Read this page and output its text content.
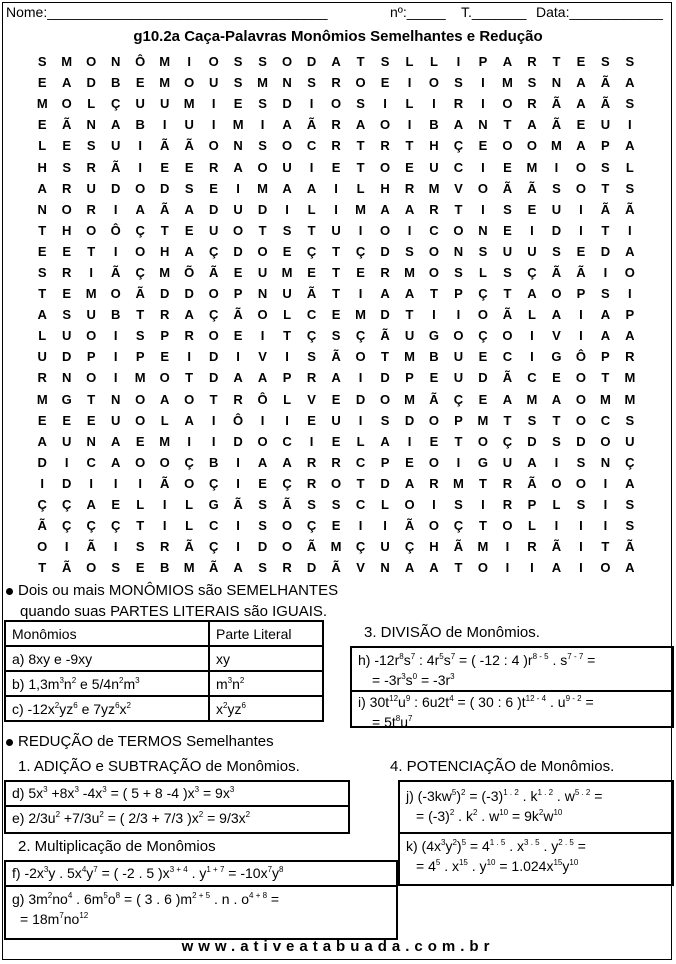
Nome:____________________________________	nº:_____ T._______ Data:____________
g10.2a Caça-Palavras Monômios Semelhantes e Redução
S	M	O	N	Ô	M	I	O	S	S	O	D	A	T	S	L	L	I	P	A	R	T	E	S	S
E	A	D	B	E	M	O	U	S	M	N	S	R	O	E	I	O	S	I	M	S	N	A	Ã	A
M	O	L	Ç	U	U	M	I	E	S	D	I	O	S	I	L	I	R	I	O	R	Ã	A	Ã	S
E	Ã	N	A	B	I	U	I	M	I	A	Ã	R	A	O	I	B	A	N	T	A	Ã	E	U	I
L	E	S	U	I	Ã	Ã	O	N	S	O	C	R	T	R	T	H	Ç	E	O	O	M	A	P	A
H	S	R	Ã	I	E	E	R	A	O	U	I	E	T	O	E	U	C	I	E	M	I	O	S	L
A	R	U	D	O	D	S	E	I	M	A	A	I	L	H	R	M	V	O	Ã	Ã	S	O	T	S
N	O	R	I	A	Ã	A	D	U	D	I	L	I	M	A	A	R	T	I	S	E	U	I	Ã	Ã
T	H	O	Ô	Ç	T	E	U	O	T	S	T	U	I	O	I	C	O	N	E	I	D	I	T	I
E	E	T	I	O	H	A	Ç	D	O	E	Ç	T	Ç	D	S	O	N	S	U	U	S	E	D	A
S	R	I	Ã	Ç	M	Õ	Ã	E	U	M	E	T	E	R	M	O	S	L	S	Ç	Ã	Ã	I	O
T	E	M	O	Ã	D	D	O	P	N	U	Ã	T	I	A	A	T	P	Ç	T	A	O	P	S	I
A	S	U	B	T	R	A	Ç	Ã	O	L	C	E	M	D	T	I	I	O	Ã	L	A	I	A	P
L	U	O	I	S	P	R	O	E	I	T	Ç	S	Ç	Ã	U	G	O	Ç	O	I	V	I	A	A
U	D	P	I	P	E	I	D	I	V	I	S	Ã	O	T	M	B	U	E	C	I	G	Ô	P	R
R	N	O	I	M	O	T	D	A	A	P	R	A	I	D	P	E	U	D	Ã	C	E	O	T	M
M	G	T	N	O	A	O	T	R	Ô	L	V	E	D	O	M	Ã	Ç	E	A	M	A	O	M	M
E	E	E	U	O	L	A	I	Ô	I	I	E	U	I	S	D	O	P	M	T	S	T	O	C	S
A	U	N	A	E	M	I	I	D	O	C	I	E	L	A	I	E	T	O	Ç	D	S	D	O	U
D	I	C	A	O	O	Ç	B	I	A	A	R	R	C	P	E	O	I	G	U	A	I	S	N	Ç
I	D	I	I	I	Ã	O	Ç	I	E	Ç	R	O	T	D	A	R	M	T	R	Ã	O	O	I	A
Ç	Ç	A	E	L	I	L	G	Ã	S	Ã	S	S	C	L	O	I	S	I	R	P	L	S	I	S
Ã	Ç	Ç	Ç	T	I	L	C	I	S	O	Ç	E	I	I	Ã	O	Ç	T	O	L	I	I	I	S
O	I	Ã	I	S	R	Ã	Ç	I	D	O	Ã	M	Ç	U	Ç	H	Ã	M	I	R	Ã	I	T	Ã
T	Ã	O	S	E	B	M	Ã	A	S	R	D	Ã	V	N	A	A	T	O	I	I	A	I	O	A
Dois ou mais MONÔMIOS são SEMELHANTES
quando suas PARTES LITERAIS são IGUAIS.
Monômios	Parte Literal
a) 8xy e -9xy	xy
b) $1,3m^3n^2$ e $5/4n^2m^3$	$m^3n^2$
c) $-12x^2yz^6$ e $7yz^6x^2$	$x^2yz^6$
REDUÇÃO de TERMOS Semelhantes
3. DIVISÃO de Monômios.
1. ADIÇÃO e SUBTRAÇÃO de Monômios.	4. POTENCIAÇÃO de Monômios.
2. Multiplicação de Monômios
h) $-12r^8s^7$ : $4r^5s^7$ = ( -12 : 4 )$r^{8 - 5}$ . $s^{7 - 7}$ =
= $-3r^3s^0 = -3r^3$
i) $30t^{12}u^9$ : $6u2t^4$ = ( 30 : 6 )$t^{12 - 4}$ . $u^{9 - 2}$ =
= $5t^8u^7$
d) $5x^3 +8x^3$ $-4x^3$ = ( 5 + 8 -4 )$x^3 = 9x^3$
e) $2/3u^2 +7/3u^2$ = ( 2/3 + 7/3 )$x^2 = 9/3x^2$
j) $(-3kw^5)^2 = (-3)^{1 . 2}$ . $k^{1 . 2}$ . $w^{5 . 2}$ =
= $(-3)^2$ . $k^2$ . $w^{10} = 9k^2w^{10}$
k) $(4x^3y^2)^5 = 4^{1 . 5}$ . $x^{3 . 5}$ . $y^{2 . 5}$ =
= $4^5$ . $x^{15}$ . $y^{10} = 1.024x^{15}y^{10}$
f) $-2x^3y$ . $5x^4y^7$ = ( -2 . 5 )$x^{3 + 4}$ . $y^{1 + 7} = -10x^7y^8$
g) $3m^2no^4$ . $6m^5o^8$ = ( 3 . 6 )$m^{2 + 5}$ . n . $o^{4 + 8}$ =
= $18m^7no^{12}$
www.ativeatabuada.com.br
